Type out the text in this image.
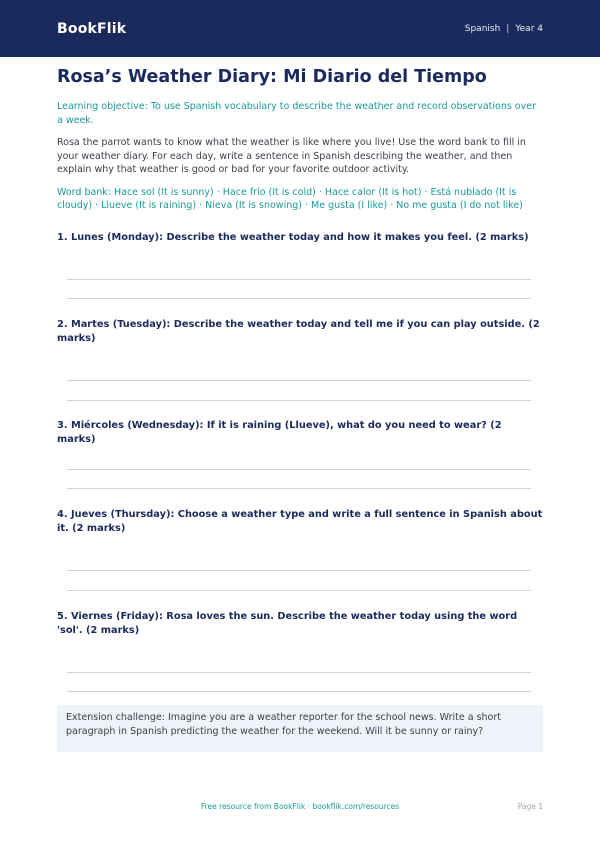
BookFlik	Spanish | Year 4
Rosa’s Weather Diary: Mi Diario del Tiempo

Learning objective: To use Spanish vocabulary to describe the weather and record observations over a week.

Rosa the parrot wants to know what the weather is like where you live! Use the word bank to fill in your weather diary. For each day, write a sentence in Spanish describing the weather, and then explain why that weather is good or bad for your favorite outdoor activity.

Word bank: Hace sol (It is sunny) · Hace frío (It is cold) · Hace calor (It is hot) · Está nublado (It is cloudy) · Llueve (It is raining) · Nieva (It is snowing) · Me gusta (I like) · No me gusta (I do not like)

1. Lunes (Monday): Describe the weather today and how it makes you feel. (2 marks)
2. Martes (Tuesday): Describe the weather today and tell me if you can play outside. (2 marks)
3. Miércoles (Wednesday): If it is raining (Llueve), what do you need to wear? (2 marks)
4. Jueves (Thursday): Choose a weather type and write a full sentence in Spanish about it. (2 marks)
5. Viernes (Friday): Rosa loves the sun. Describe the weather today using the word 'sol'. (2 marks)
Extension challenge: Imagine you are a weather reporter for the school news. Write a short paragraph in Spanish predicting the weather for the weekend. Will it be sunny or rainy?
Free resource from BookFlik · bookflik.com/resources	Page 1
